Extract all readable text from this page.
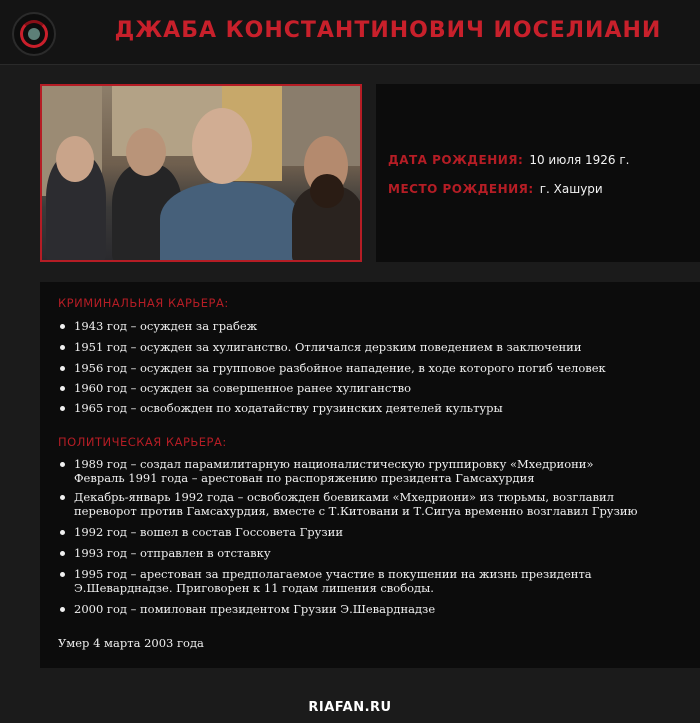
ДЖАБА КОНСТАНТИНОВИЧ ИОСЕЛИАНИ
ДАТА РОЖДЕНИЯ: 10 июля 1926 г.
МЕСТО РОЖДЕНИЯ: г. Хашури
КРИМИНАЛЬНАЯ КАРЬЕРА:
1943 год – осужден за грабеж
1951 год – осужден за хулиганство. Отличался дерзким поведением в заключении
1956 год – осужден за групповое разбойное нападение, в ходе которого погиб человек
1960 год – осужден за совершенное ранее хулиганство
1965 год – освобожден по ходатайству грузинских деятелей культуры
ПОЛИТИЧЕСКАЯ КАРЬЕРА:
1989 год – создал парамилитарную националистическую группировку «Мхедриони»
Февраль 1991 года – арестован по распоряжению президента Гамсахурдия
Декабрь-январь 1992 года – освобожден боевиками «Мхедриони» из тюрьмы, возглавил
переворот против Гамсахурдия, вместе с Т.Китовани и Т.Сигуа временно возглавил Грузию
1992 год – вошел в состав Госсовета Грузии
1993 год – отправлен в отставку
1995 год – арестован за предполагаемое участие в покушении на жизнь президента
Э.Шеварднадзе. Приговорен к 11 годам лишения свободы.
2000 год – помилован президентом Грузии Э.Шеварднадзе
Умер 4 марта 2003 года
RIAFAN.RU
